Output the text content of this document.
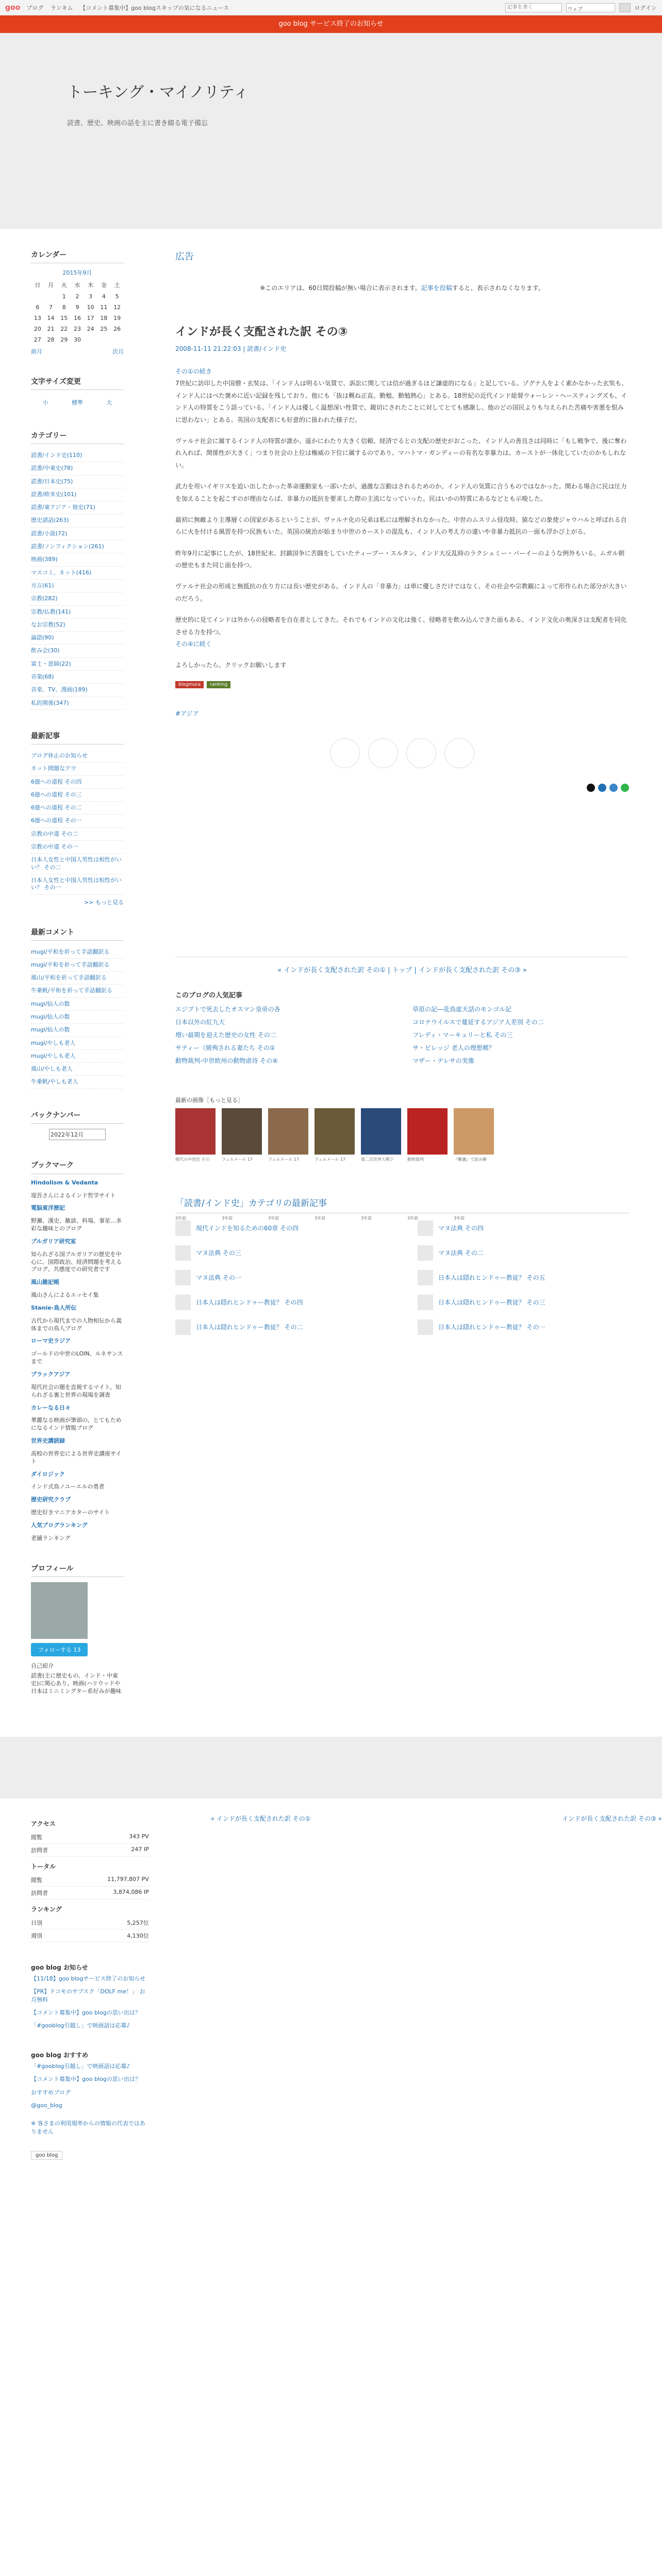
goo ブログ ランキム 【コメント募集中】goo blogスキップの気になるニュース
記事を書く	ウェブ	ログイン
goo blog サービス終了のお知らせ
トーキング・マイノリティ

読書、歴史、映画の話を主に書き綴る電子備忘

カレンダー
2015年9月
日	月	火	水	木	金	土
		1	2	3	4	5
6	7	8	9	10	11	12
13	14	15	16	17	18	19
20	21	22	23	24	25	26
27	28	29	30			
前月	次月
文字サイズ変更
小	標準	大
カテゴリー
読書/インド史(110)
読書/中東史(78)
読書/日本史(75)
読書/欧米史(101)
読書/東アジア・他史(71)
歴史諸話(263)
読書/小説(72)
読書/ノンフィクション(261)
映画(389)
マスコミ、ネット(416)
方言(61)
宗教(282)
宗教/仏教(141)
なお宗教(52)
論語(90)
飲み会(30)
富士・恩師(22)
音楽(68)
音楽、TV、漫画(189)
私的関係(347)
最新記事
ブログ休止のお知らせ
ネット問題なアウ
6億への道程 その四
6億への道程 その三
6億への道程 その二
6億への道程 その一
宗教の中道 その二
宗教の中道 その一
日本人女性と中国人男性は相性がいい？ その二
日本人女性と中国人男性は相性がいい？ その一
>> もっと見る
最新コメント
mugi/平和を祈って手話翻訳る
mugi/平和を祈って手話翻訳る
風山/平和を祈って手話翻訳る
牛乗帆/平和を祈って手話翻訳る
mugi/仙人の数
mugi/仙人の数
mugi/仙人の数
mugi/やしも老人
mugi/やしも老人
風山/やしも老人
牛乗帆/やしも老人
バックナンバー
2022年12月
ブックマーク
Hindolism & Vedanta
堤吾さんによるインド哲学サイト
電脳東洋歴記
野瀬、漢史、雑談、科場、事星…多彩な趣味とのブログ
プルガリア研究室
知られざる国ブルガリアの歴史を中心に、国際政治、経済問題を考えるブログ、共感度での研究者です
風山雑記帳
風山さんによるエッセイ集
Stanie-鳥人所伝
古代から現代までの人物相伝から義体までの鳥人ブログ
ローマ史ラジア
ゴールドの中世のLOIN、ルネサンスまで
ブラックアジア
現代社会の闇を直視するマイト。知られざる裏と世界の現場を調査
カレーなる日々
華麗なる映画が筆頭の、とてもためになるインド情報ブログ
世界史講読録
高校の世界史による世界史講座サイト
ダイロジック
インド式鳥ノユーエルの勇者
歴史研究クラブ
歴史好きマニアカターのサイト
人気ブログランキング
老舗ランキング
プロフィール
フォローする 13
自己紹介
読書(主に歴史もの、インド・中東史)に関心あり。映画(ハリウッドや日本はミニミングター系好みが趣味
広告
※このエリアは、60日間投稿が無い場合に表示されます。記事を投稿すると、表示されなくなります。
インドが長く支配された訳 その③
2008-11-11 21:22:03 | 読書/インド史

その①の続き
7世紀に訪印した中国僧・玄奘は、「インド人は明るい気質で、訴訟に関しては信が過ぎるほど謙虚的になる」と記している。ゾグナ人をよく素かなかった玄奘も、インド人にはべた褒めに近い記録を残しており、他にも「抜は概ね正直、勤勉、勤勉熱心」とある。18世紀の近代インド総督ウォーレン・ヘースティングズも、インド人の特質をこう語っている。「インド人は優しく温想深い性質で、親切にされたことに対してとても感謝し、他のどの国民よりも与えられた苦痛や害悪を恨みに思わない」とある。英国の支配者にも好意的に扱われた様子だ。

ヴァルナ社会に属するインド人の特質が誰か、遥かにわたり大きく信頼、経済でるとの支配の歴史がおこった、インド人の善良さは同時に「もし戦争で、後に奪われ入れば、関係性が大きく」つまり社会の上位は権威の下位に属するのであり、マハトマ・ガンディーの有名な非暴力は、カーストが一体化していたのかもしれない。

武力を用いイギリスを追い出したかった革命運動家も一部いたが、過激な言動はされるためのか、インド人の気質に合うものではなかった。関わる場合に民は圧力を加えることを起こすのが理由ならば、非暴力の抵抗を要求した際の主流になっていった。民はいかの特質にあるなどとも示唆した。

最初に無敵より主導層くの国家があるということが、ヴァルナ化の兄弟は私には理解されなかった。中世のムスリム侵攻時、猿などの象使ジャウハルと呼ばれる自らに火を付ける風習を持つ民族もいた。英国の統治が始まり中世のカーストの混乱も、インド人の考え方の違いや非暴力抵抗の一面も浮かび上がる。

昨年9月に記事にしたが、18世紀末、封鎮国争に苦闘をしていたティープー・スルタン、インド大反乱時のラクシュミー・バーイーのような例外もいる。ムガル朝の歴史もまた同じ面を持つ。

ヴァルナ社会の形成と無抵抗の在り方には長い歴史がある。インド人の「非暴力」は単に優しさだけではなく、その社会や宗教観によって形作られた部分が大きいのだろう。

歴史的に見てインドは外からの侵略者を自在者としてきた。それでもインドの文化は強く、侵略者を飲み込んできた面もある。インド文化の奥深さは支配者を同化させる力を持つ。
その④に続く

よろしかったら、クリックお願いします

blogmura	ranking
#アジア
« インドが長く支配された訳 その① | トップ | インドが長く支配された訳 その③ »
このブログの人気記事
エジプトで死去したオスマン皇帝の各	草原の記―花鳥虚天話のモンゴル記
日本以外の紅九大	コロナウイルスで蔓延するアジア人差別 その二
増い最期を迎えた歴史の女性 その二	フレディ・マーキュリーと私 その三
サティー（焼殉される妻たち その①	サ・ピレッジ 老人の理想郷？
動物裁判-中世欧州の動物虐待 その④	マザー・テレサの実像
最新の画像［もっと見る］
現代の中国史 その
3年前
フェルメール 17
3年前
フェルメール 17
3年前
フェルメール 17
3年前
第二次世界大戦下
3年前
動物裁判
3年前
『難儀』で読み解
3年前
「読書/インド史」カテゴリの最新記事
現代インドを知るための60章 その四	マヌ法典 その四
マヌ法典 その三	マヌ法典 その二
マヌ法典 その一	日本人は隠れヒンドゥー教徒？ その五
日本人は隠れヒンドゥー教徒？ その四	日本人は隠れヒンドゥー教徒？ その三
日本人は隠れヒンドゥー教徒？ その二	日本人は隠れヒンドゥー教徒？ その一
アクセス
閲覧	343 PV
訪問者	247 IP
トータル
閲覧	11,797,807 PV
訪問者	3,874,086 IP
ランキング
日別	5,257位
週別	4,130位
goo blog お知らせ
【11/18】goo blogサービス終了のお知らせ
【PR】ドコモのサブスク「DOLF me！」 お月無料
【コメント募集中】goo blogの思い出は？
「#gooblog引越し」で映画話は応募♪
goo blog おすすめ
「#gooblog引越し」で映画話は応募♪
【コメント募集中】goo blogの思い出は？
おすすめブログ
@goo_blog
※ 客さまの利用規率からの情報の代表ではありません
goo blog
« インドが長く支配された訳 その①	インドが長く支配された訳 その③ »
